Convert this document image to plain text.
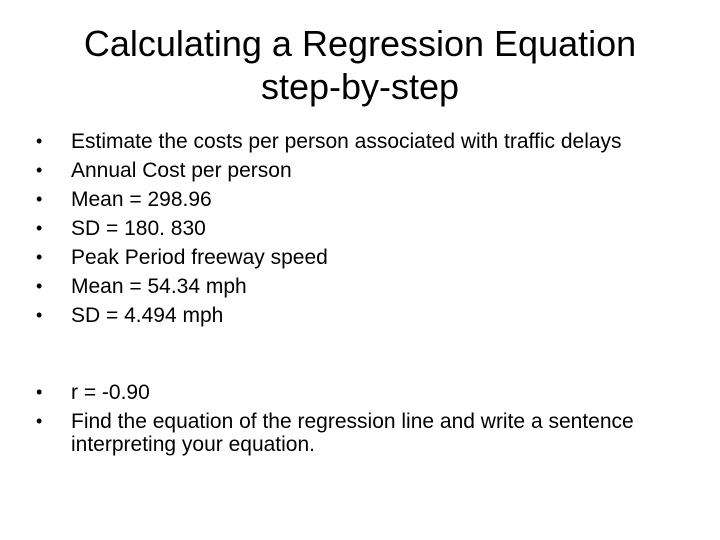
Calculating a Regression Equation
step-by-step
• Estimate the costs per person associated with traffic delays
• Annual Cost per person
• Mean = 298.96
• SD = 180. 830
• Peak Period freeway speed
• Mean = 54.34 mph
• SD = 4.494 mph
• r = -0.90
• Find the equation of the regression line and write a sentence interpreting your equation.
